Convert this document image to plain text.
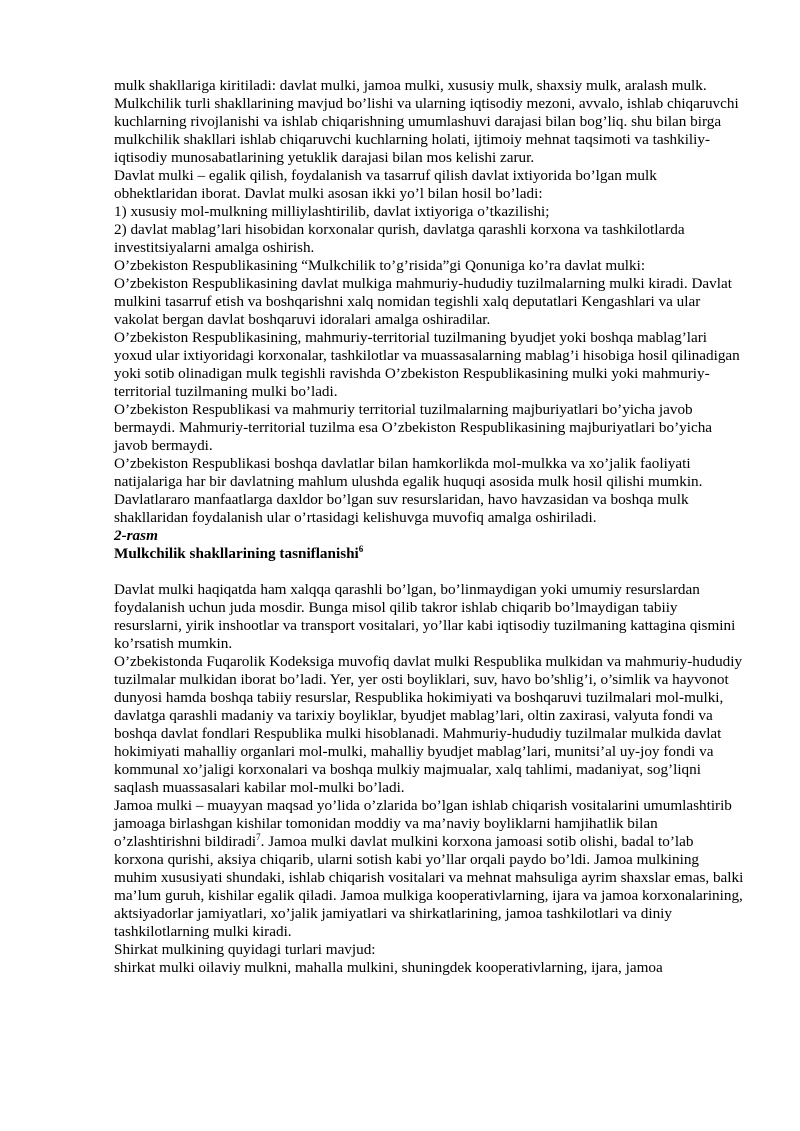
mulk shakllariga kiritiladi: davlat mulki, jamoa mulki, xususiy mulk, shaxsiy mulk, aralash mulk.

Mulkchilik turli shakllarining mavjud bo’lishi va ularning iqtisodiy mezoni, avvalo, ishlab chiqaruvchi kuchlarning rivojlanishi va ishlab chiqarishning umumlashuvi darajasi bilan bog’liq. shu bilan birga mulkchilik shakllari ishlab chiqaruvchi kuchlarning holati, ijtimoiy mehnat taqsimoti va tashkiliy-iqtisodiy munosabatlarining yetuklik darajasi bilan mos kelishi zarur.

Davlat mulki – egalik qilish, foydalanish va tasarruf qilish davlat ixtiyorida bo’lgan mulk obhektlaridan iborat. Davlat mulki asosan ikki yo’l bilan hosil bo’ladi:

1) xususiy mol-mulkning milliylashtirilib, davlat ixtiyoriga o’tkazilishi;

2) davlat mablag’lari hisobidan korxonalar qurish, davlatga qarashli korxona va tashkilotlarda investitsiyalarni amalga oshirish.

O’zbekiston Respublikasining “Mulkchilik to’g’risida”gi Qonuniga ko’ra davlat mulki:

O’zbekiston Respublikasining davlat mulkiga mahmuriy-hududiy tuzilmalarning mulki kiradi. Davlat mulkini tasarruf etish va boshqarishni xalq nomidan tegishli xalq deputatlari Kengashlari va ular vakolat bergan davlat boshqaruvi idoralari amalga oshiradilar.

O’zbekiston Respublikasining, mahmuriy-territorial tuzilmaning byudjet yoki boshqa mablag’lari yoxud ular ixtiyoridagi korxonalar, tashkilotlar va muassasalarning mablag’i hisobiga hosil qilinadigan yoki sotib olinadigan mulk tegishli ravishda O’zbekiston Respublikasining mulki yoki mahmuriy-territorial tuzilmaning mulki bo’ladi.

O’zbekiston Respublikasi va mahmuriy territorial tuzilmalarning majburiyatlari bo’yicha javob bermaydi. Mahmuriy-territorial tuzilma esa O’zbekiston Respublikasining majburiyatlari bo’yicha javob bermaydi.

O’zbekiston Respublikasi boshqa davlatlar bilan hamkorlikda mol-mulkka va xo’jalik faoliyati natijalariga har bir davlatning mahlum ulushda egalik huquqi asosida mulk hosil qilishi mumkin. Davlatlararo manfaatlarga daxldor bo’lgan suv resurslaridan, havo havzasidan va boshqa mulk shakllaridan foydalanish ular o’rtasidagi kelishuvga muvofiq amalga oshiriladi.

2-rasm

Mulkchilik shakllarining tasniflanishi$^6$

Davlat mulki haqiqatda ham xalqqa qarashli bo’lgan, bo’linmaydigan yoki umumiy resurslardan foydalanish uchun juda mosdir. Bunga misol qilib takror ishlab chiqarib bo’lmaydigan tabiiy resurslarni, yirik inshootlar va transport vositalari, yo’llar kabi iqtisodiy tuzilmaning kattagina qismini ko’rsatish mumkin.

O’zbekistonda Fuqarolik Kodeksiga muvofiq davlat mulki Respublika mulkidan va mahmuriy-hududiy tuzilmalar mulkidan iborat bo’ladi. Yer, yer osti boyliklari, suv, havo bo’shlig’i, o’simlik va hayvonot dunyosi hamda boshqa tabiiy resurslar, Respublika hokimiyati va boshqaruvi tuzilmalari mol-mulki, davlatga qarashli madaniy va tarixiy boyliklar, byudjet mablag’lari, oltin zaxirasi, valyuta fondi va boshqa davlat fondlari Respublika mulki hisoblanadi. Mahmuriy-hududiy tuzilmalar mulkida davlat hokimiyati mahalliy organlari mol-mulki, mahalliy byudjet mablag’lari, munitsi’al uy-joy fondi va kommunal xo’jaligi korxonalari va boshqa mulkiy majmualar, xalq tahlimi, madaniyat, sog’liqni saqlash muassasalari kabilar mol-mulki bo’ladi.

Jamoa mulki – muayyan maqsad yo’lida o’zlarida bo’lgan ishlab chiqarish vositalarini umumlashtirib jamoaga birlashgan kishilar tomonidan moddiy va ma’naviy boyliklarni hamjihatlik bilan o’zlashtirishni bildiradi$^7$. Jamoa mulki davlat mulkini korxona jamoasi sotib olishi, badal to’lab korxona qurishi, aksiya chiqarib, ularni sotish kabi yo’llar orqali paydo bo’ldi. Jamoa mulkining muhim xususiyati shundaki, ishlab chiqarish vositalari va mehnat mahsuliga ayrim shaxslar emas, balki ma’lum guruh, kishilar egalik qiladi. Jamoa mulkiga kooperativlarning, ijara va jamoa korxonalarining, aktsiyadorlar jamiyatlari, xo’jalik jamiyatlari va shirkatlarining, jamoa tashkilotlari va diniy tashkilotlarning mulki kiradi.

Shirkat mulkining quyidagi turlari mavjud:

shirkat mulki oilaviy mulkni, mahalla mulkini, shuningdek kooperativlarning, ijara, jamoa
